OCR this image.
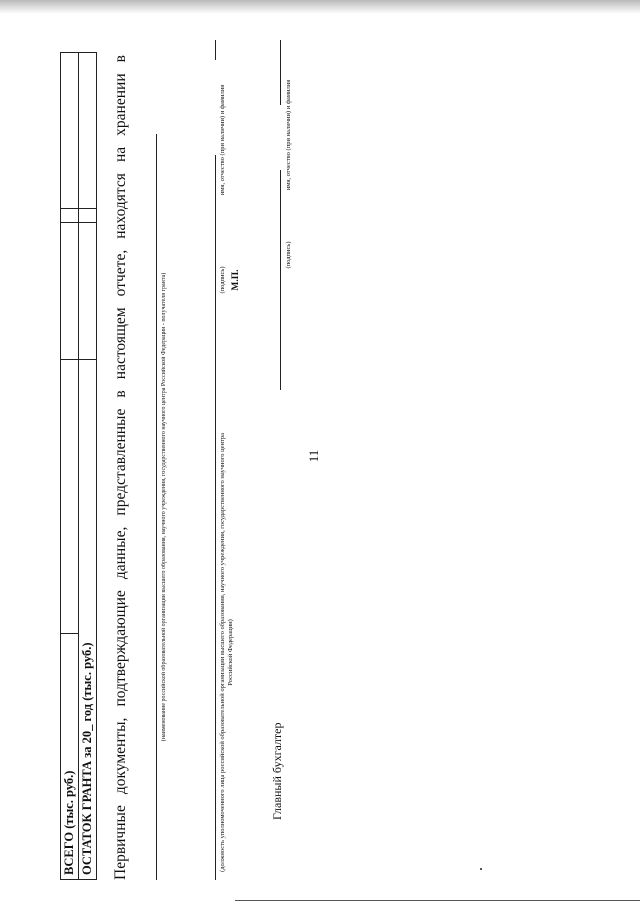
11
ВСЕГО (тыс. руб.)				
ОСТАТОК ГРАНТА за 20_ год (тыс. руб.)				Первичные документы, подтверждающие данные, представленные в настоящем отчете, находятся на хранении в	(наименование российской образовательной организации высшего образования, научного учреждения, государственного научного центра Российской Федерации - получателя гранта)	(должность уполномоченного лица российской образовательной организации высшего образования, научного учреждения, государственного научного центра Российской Федерации)
(подпись) М.П.
имя, отчество (при наличии) и фамилия
Главный бухгалтер
(подпись)
имя, отчество (при наличии) и фамилия
